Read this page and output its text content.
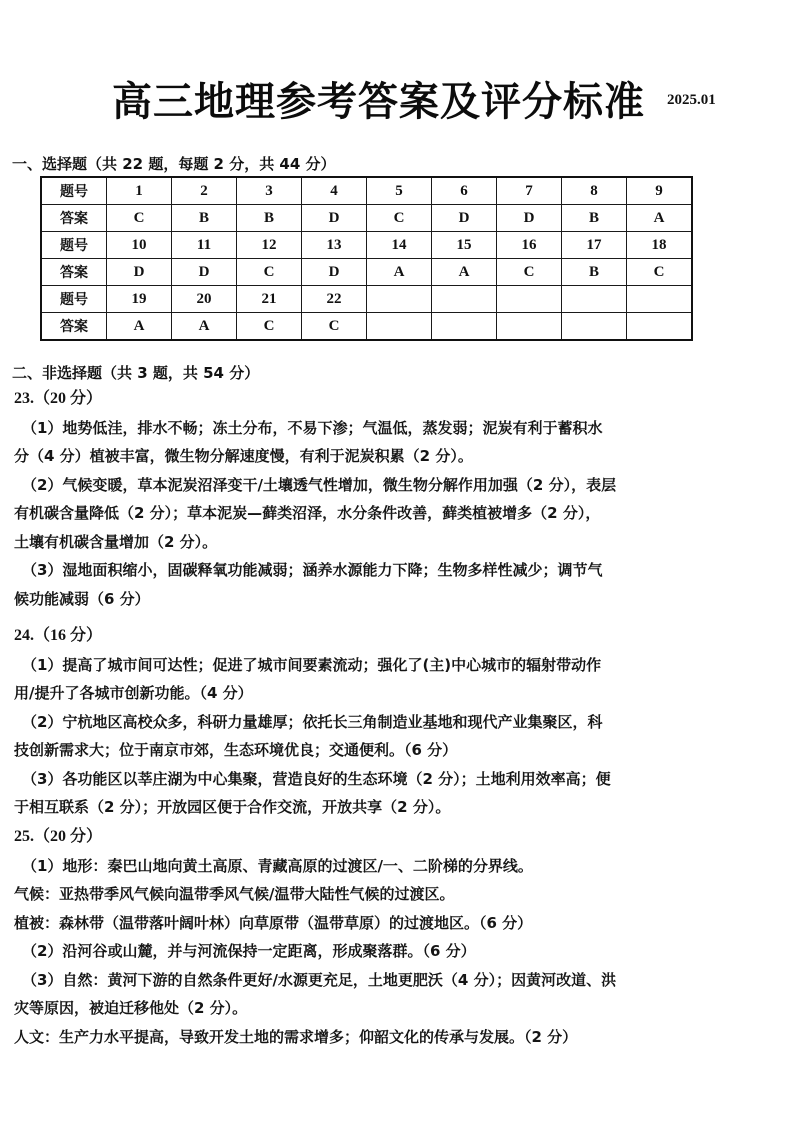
高三地理参考答案及评分标准 2025.01
一、选择题（共 22 题，每题 2 分，共 44 分）
题号	1	2	3	4	5	6	7	8	9
答案	C	B	B	D	C	D	D	B	A
题号	10	11	12	13	14	15	16	17	18
答案	D	D	C	D	A	A	C	B	C
题号	19	20	21	22					
答案	A	A	C	C					
二、非选择题（共 3 题，共 54 分）

23.（20 分）

（1）地势低洼，排水不畅；冻土分布，不易下渗；气温低，蒸发弱；泥炭有利于蓄积水

分（4 分）植被丰富，微生物分解速度慢，有利于泥炭积累（2 分）。

（2）气候变暖，草本泥炭沼泽变干/土壤透气性增加，微生物分解作用加强（2 分），表层

有机碳含量降低（2 分）；草本泥炭—藓类沼泽，水分条件改善，藓类植被增多（2 分），

土壤有机碳含量增加（2 分）。

（3）湿地面积缩小，固碳释氧功能减弱；涵养水源能力下降；生物多样性减少；调节气

候功能减弱（6 分）

24.（16 分）

（1）提高了城市间可达性；促进了城市间要素流动；强化了(主)中心城市的辐射带动作

用/提升了各城市创新功能。（4 分）

（2）宁杭地区高校众多，科研力量雄厚；依托长三角制造业基地和现代产业集聚区，科

技创新需求大；位于南京市郊，生态环境优良；交通便利。（6 分）

（3）各功能区以莘庄湖为中心集聚，营造良好的生态环境（2 分）；土地利用效率高；便

于相互联系（2 分）；开放园区便于合作交流，开放共享（2 分）。

25.（20 分）

（1）地形：秦巴山地向黄土高原、青藏高原的过渡区/一、二阶梯的分界线。

气候：亚热带季风气候向温带季风气候/温带大陆性气候的过渡区。

植被：森林带（温带落叶阔叶林）向草原带（温带草原）的过渡地区。（6 分）

（2）沿河谷或山麓，并与河流保持一定距离，形成聚落群。（6 分）

（3）自然：黄河下游的自然条件更好/水源更充足，土地更肥沃（4 分）；因黄河改道、洪

灾等原因，被迫迁移他处（2 分）。

人文：生产力水平提高，导致开发土地的需求增多；仰韶文化的传承与发展。（2 分）
